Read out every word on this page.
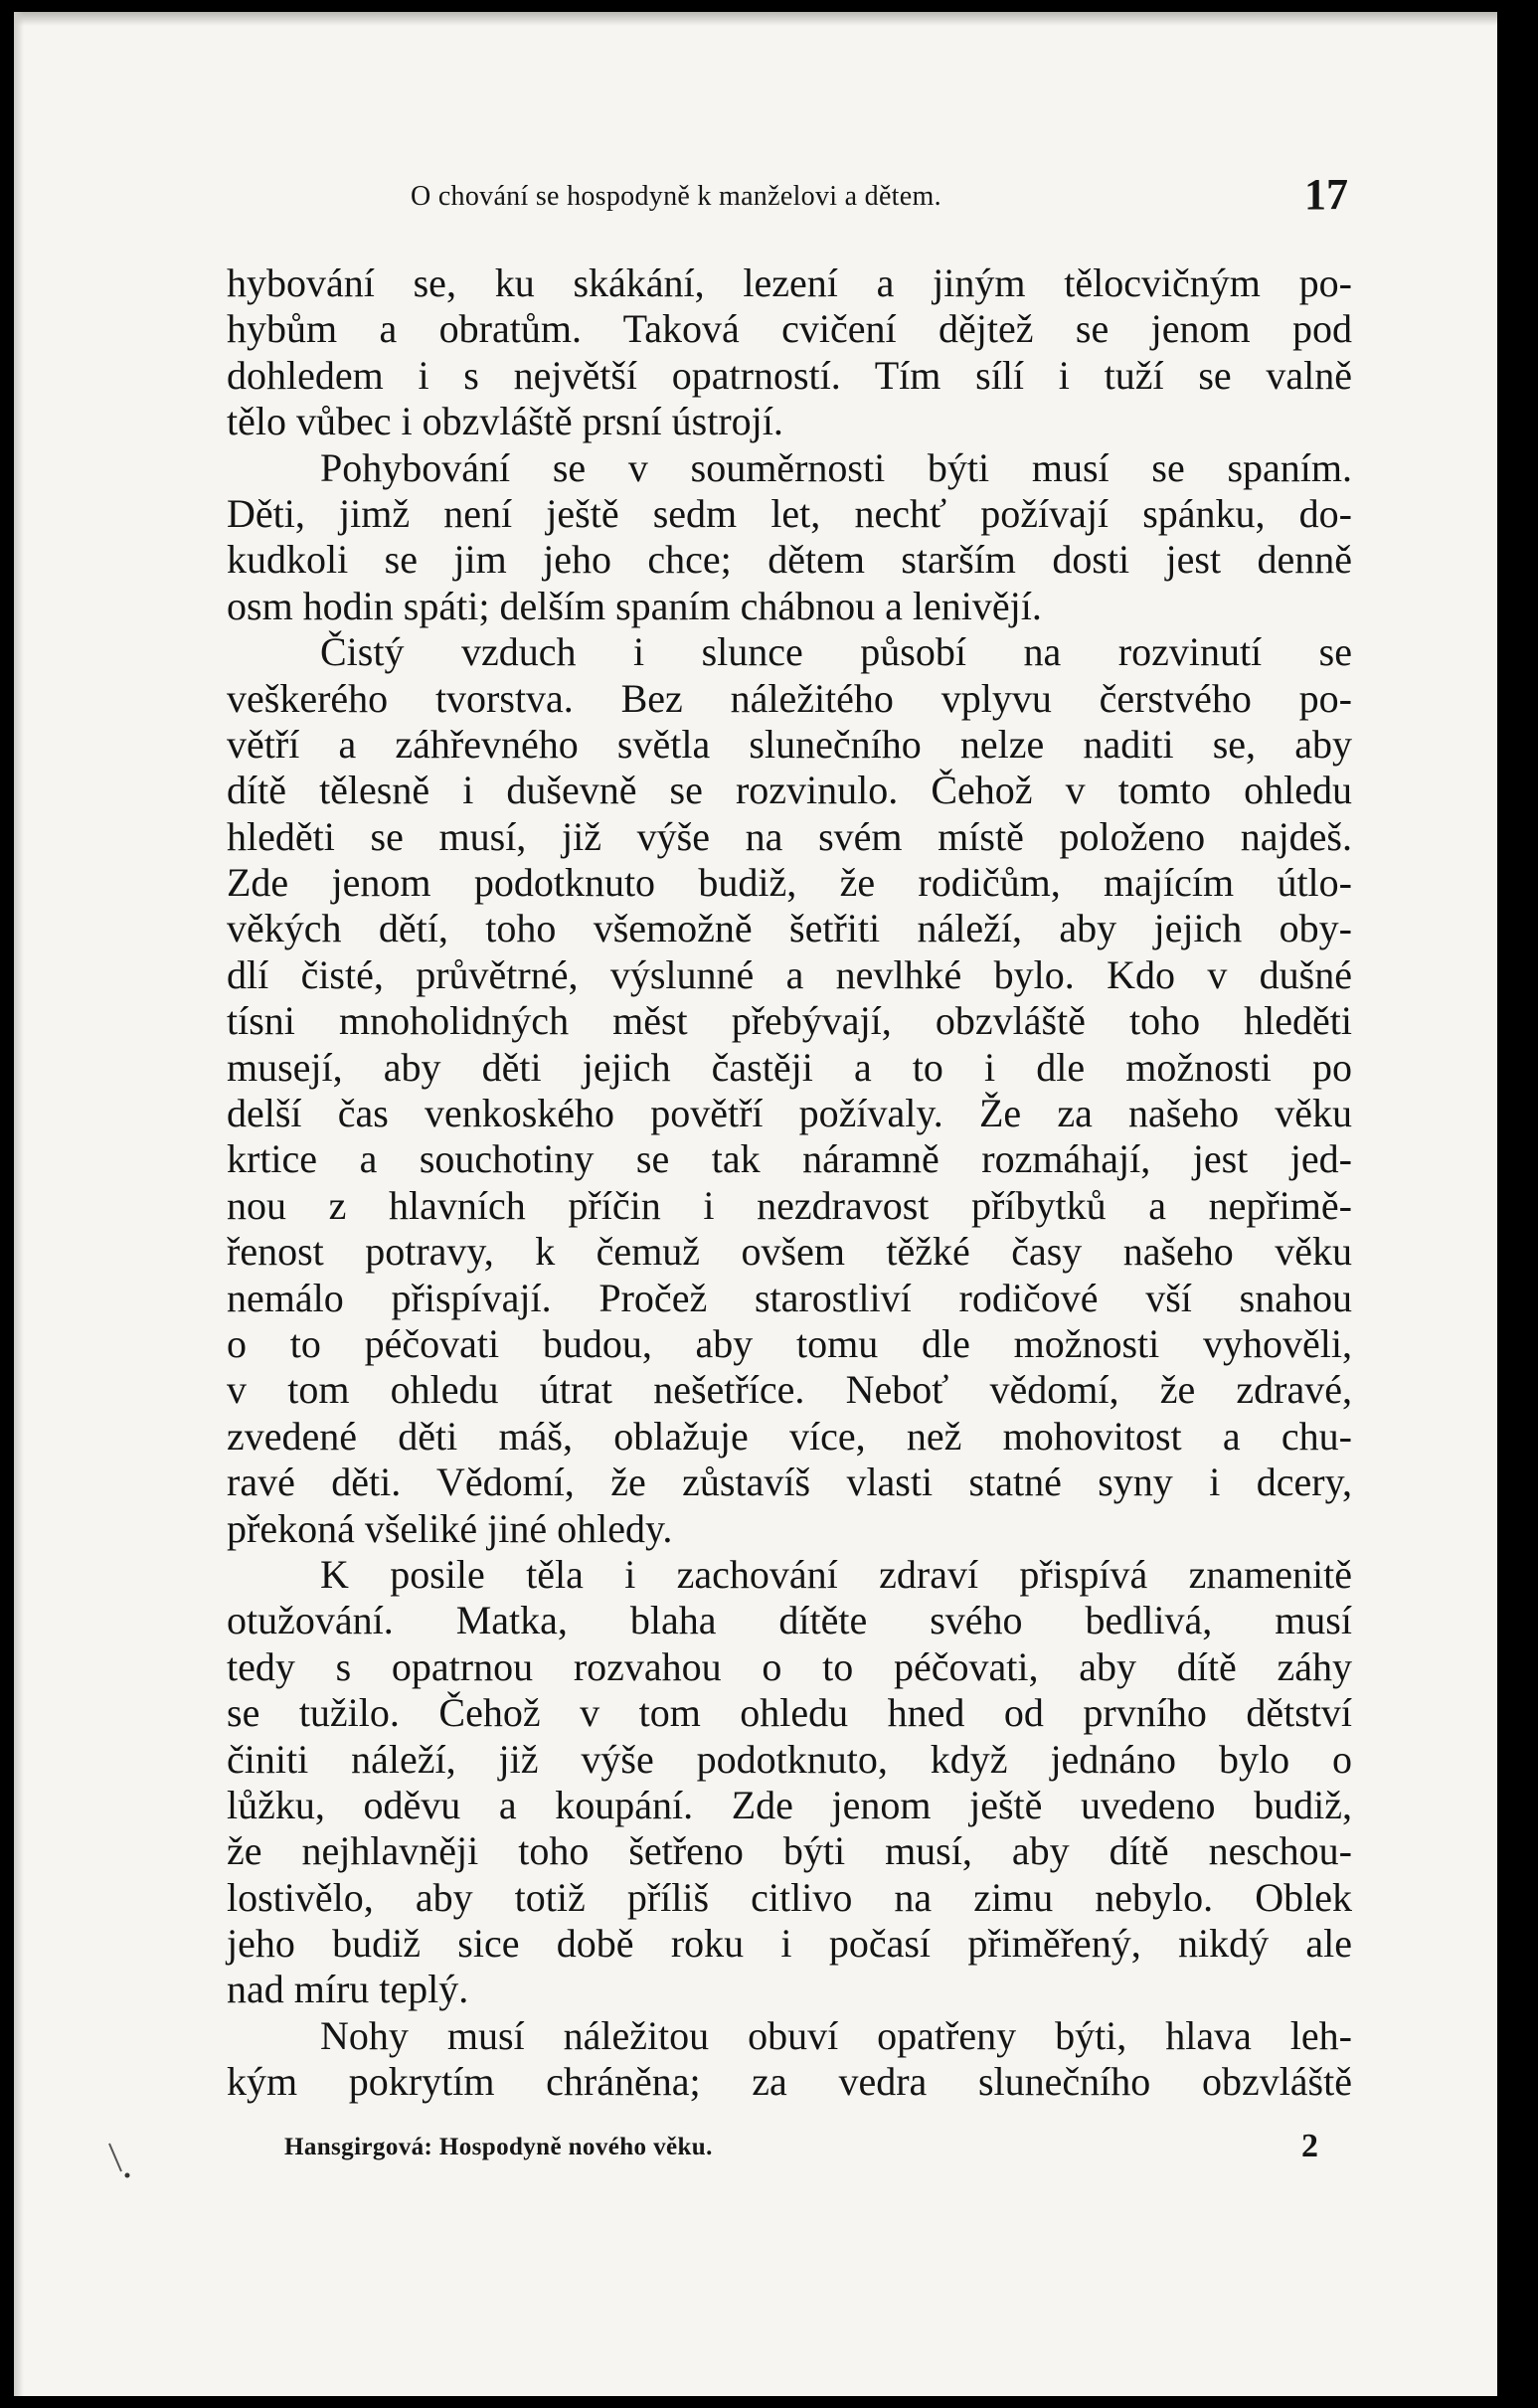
O chování se hospodyně k manželovi a dětem.	17
hybování se, ku skákání, lezení a jiným tělocvičným po-
hybům a obratům. Taková cvičení dějtež se jenom pod
dohledem i s největší opatrností. Tím sílí i tuží se valně
tělo vůbec i obzvláště prsní ústrojí.
Pohybování se v souměrnosti býti musí se spaním.
Děti, jimž není ještě sedm let, nechť požívají spánku, do-
kudkoli se jim jeho chce; dětem starším dosti jest denně
osm hodin spáti; delším spaním chábnou a lenivějí.
Čistý vzduch i slunce působí na rozvinutí se
veškerého tvorstva. Bez náležitého vplyvu čerstvého po-
větří a záhřevného světla slunečního nelze naditi se, aby
dítě tělesně i duševně se rozvinulo. Čehož v tomto ohledu
hleděti se musí, již výše na svém místě položeno najdeš.
Zde jenom podotknuto budiž, že rodičům, majícím útlo-
věkých dětí, toho všemožně šetřiti náleží, aby jejich oby-
dlí čisté, průvětrné, výslunné a nevlhké bylo. Kdo v dušné
tísni mnoholidných měst přebývají, obzvláště toho hleděti
musejí, aby děti jejich častěji a to i dle možnosti po
delší čas venkoského povětří požívaly. Že za našeho věku
krtice a souchotiny se tak náramně rozmáhají, jest jed-
nou z hlavních příčin i nezdravost příbytků a nepřimě-
řenost potravy, k čemuž ovšem těžké časy našeho věku
nemálo přispívají. Pročež starostliví rodičové vší snahou
o to péčovati budou, aby tomu dle možnosti vyhověli,
v tom ohledu útrat nešetříce. Neboť vědomí, že zdravé,
zvedené děti máš, oblažuje více, než mohovitost a chu-
ravé děti. Vědomí, že zůstavíš vlasti statné syny i dcery,
překoná všeliké jiné ohledy.
K posile těla i zachování zdraví přispívá znamenitě
otužování. Matka, blaha dítěte svého bedlivá, musí
tedy s opatrnou rozvahou o to péčovati, aby dítě záhy
se tužilo. Čehož v tom ohledu hned od prvního dětství
činiti náleží, již výše podotknuto, když jednáno bylo o
lůžku, oděvu a koupání. Zde jenom ještě uvedeno budiž,
že nejhlavněji toho šetřeno býti musí, aby dítě neschou-
lostivělo, aby totiž příliš citlivo na zimu nebylo. Oblek
jeho budiž sice době roku i počasí přiměřený, nikdý ale
nad míru teplý.
Nohy musí náležitou obuví opatřeny býti, hlava leh-
kým pokrytím chráněna; za vedra slunečního obzvláště
Hansgirgová: Hospodyně nového věku.	2
